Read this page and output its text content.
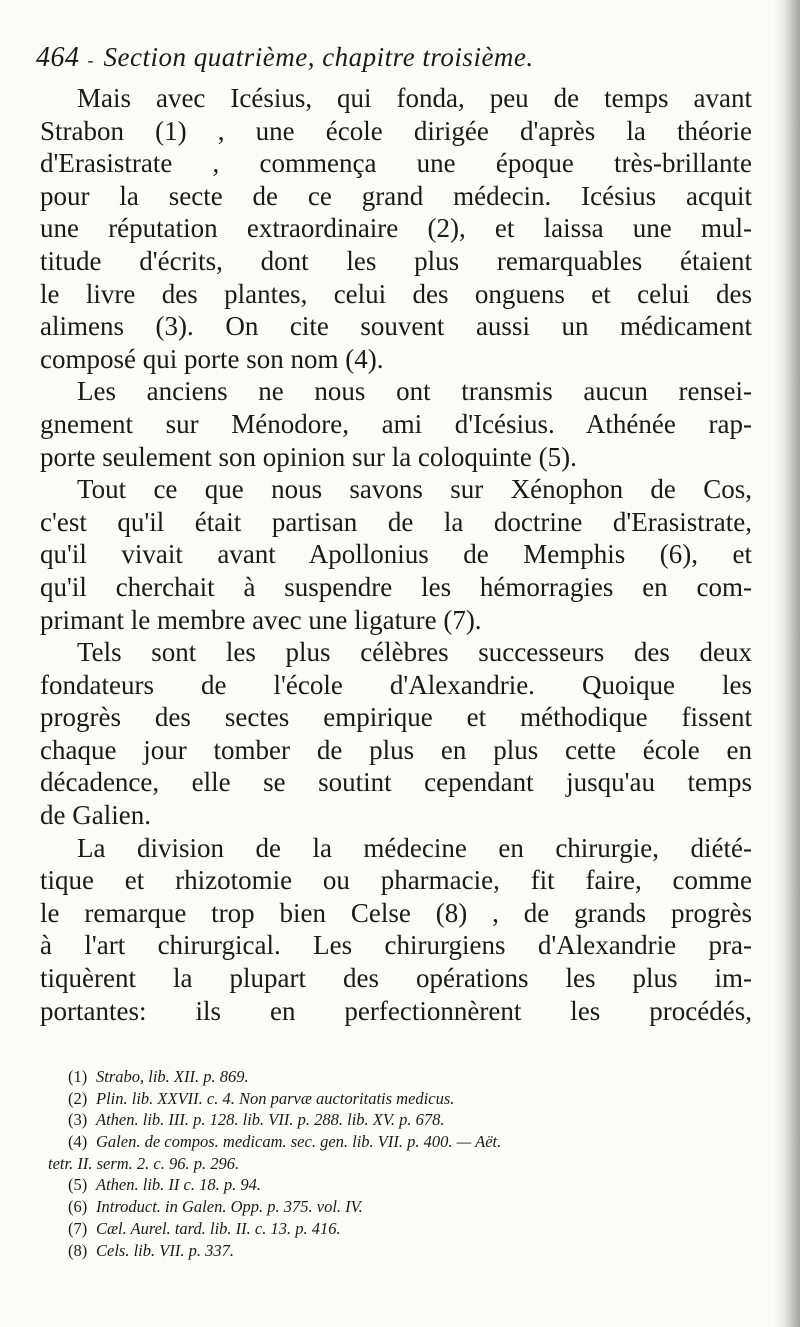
464 - Section quatrième, chapitre troisième.
Mais avec Icésius, qui fonda, peu de temps avant
Strabon (1) , une école dirigée d'après la théorie
d'Erasistrate , commença une époque très-brillante
pour la secte de ce grand médecin. Icésius acquit
une réputation extraordinaire (2), et laissa une mul-
titude d'écrits, dont les plus remarquables étaient
le livre des plantes, celui des onguens et celui des
alimens (3). On cite souvent aussi un médicament
composé qui porte son nom (4).
Les anciens ne nous ont transmis aucun rensei-
gnement sur Ménodore, ami d'Icésius. Athénée rap-
porte seulement son opinion sur la coloquinte (5).
Tout ce que nous savons sur Xénophon de Cos,
c'est qu'il était partisan de la doctrine d'Erasistrate,
qu'il vivait avant Apollonius de Memphis (6), et
qu'il cherchait à suspendre les hémorragies en com-
primant le membre avec une ligature (7).
Tels sont les plus célèbres successeurs des deux
fondateurs de l'école d'Alexandrie. Quoique les
progrès des sectes empirique et méthodique fissent
chaque jour tomber de plus en plus cette école en
décadence, elle se soutint cependant jusqu'au temps
de Galien.
La division de la médecine en chirurgie, diété-
tique et rhizotomie ou pharmacie, fit faire, comme
le remarque trop bien Celse (8) , de grands progrès
à l'art chirurgical. Les chirurgiens d'Alexandrie pra-
tiquèrent la plupart des opérations les plus im-
portantes: ils en perfectionnèrent les procédés,
(1) Strabo, lib. XII. p. 869.
(2) Plin. lib. XXVII. c. 4. Non parvæ auctoritatis medicus.
(3) Athen. lib. III. p. 128. lib. VII. p. 288. lib. XV. p. 678.
(4) Galen. de compos. medicam. sec. gen. lib. VII. p. 400. — Aët.
tetr. II. serm. 2. c. 96. p. 296.
(5) Athen. lib. II c. 18. p. 94.
(6) Introduct. in Galen. Opp. p. 375. vol. IV.
(7) Cæl. Aurel. tard. lib. II. c. 13. p. 416.
(8) Cels. lib. VII. p. 337.
